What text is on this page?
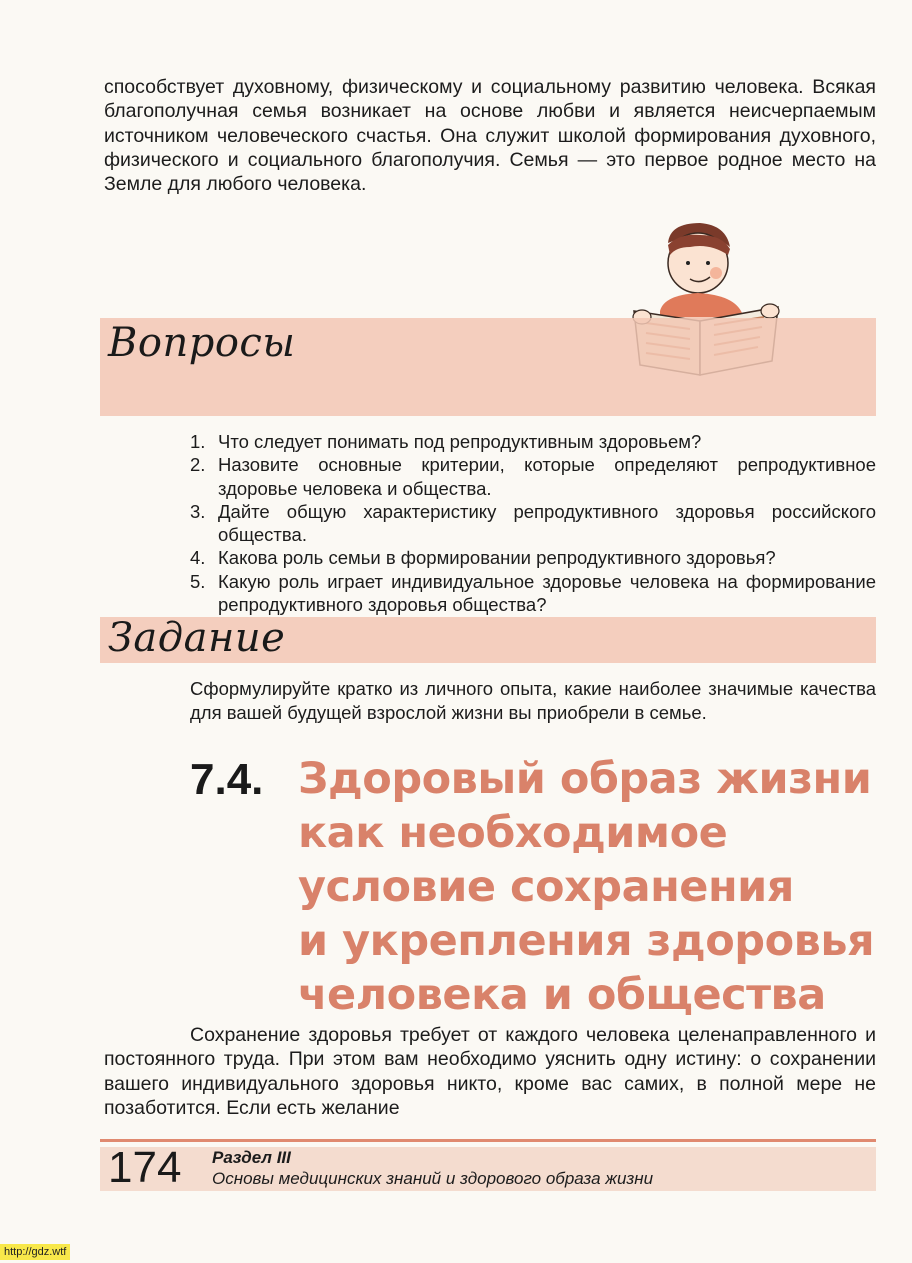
способствует духовному, физическому и социальному развитию человека. Всякая благополучная семья возникает на основе любви и является неисчерпаемым источником человеческого счастья. Она служит школой формирования духовного, физического и социального благополучия. Семья — это первое родное место на Земле для любого человека.

Вопросы
1. Что следует понимать под репродуктивным здоровьем?
2. Назовите основные критерии, которые определяют репродуктивное здоровье человека и общества.
3. Дайте общую характеристику репродуктивного здоровья российского общества.
4. Какова роль семьи в формировании репродуктивного здоровья?
5. Какую роль играет индивидуальное здоровье человека на формирование репродуктивного здоровья общества?
Задание

Сформулируйте кратко из личного опыта, какие наиболее значимые качества для вашей будущей взрослой жизни вы приобрели в семье.

7.4. Здоровый образ жизни
как необходимое
условие сохранения
и укрепления здоровья
человека и общества

Сохранение здоровья требует от каждого человека целенаправленного и постоянного труда. При этом вам необходимо уяснить одну истину: о сохранении вашего индивидуального здоровья никто, кроме вас самих, в полной мере не позаботится. Если есть желание

174 Раздел III
Основы медицинских знаний и здорового образа жизни
http://gdz.wtf
